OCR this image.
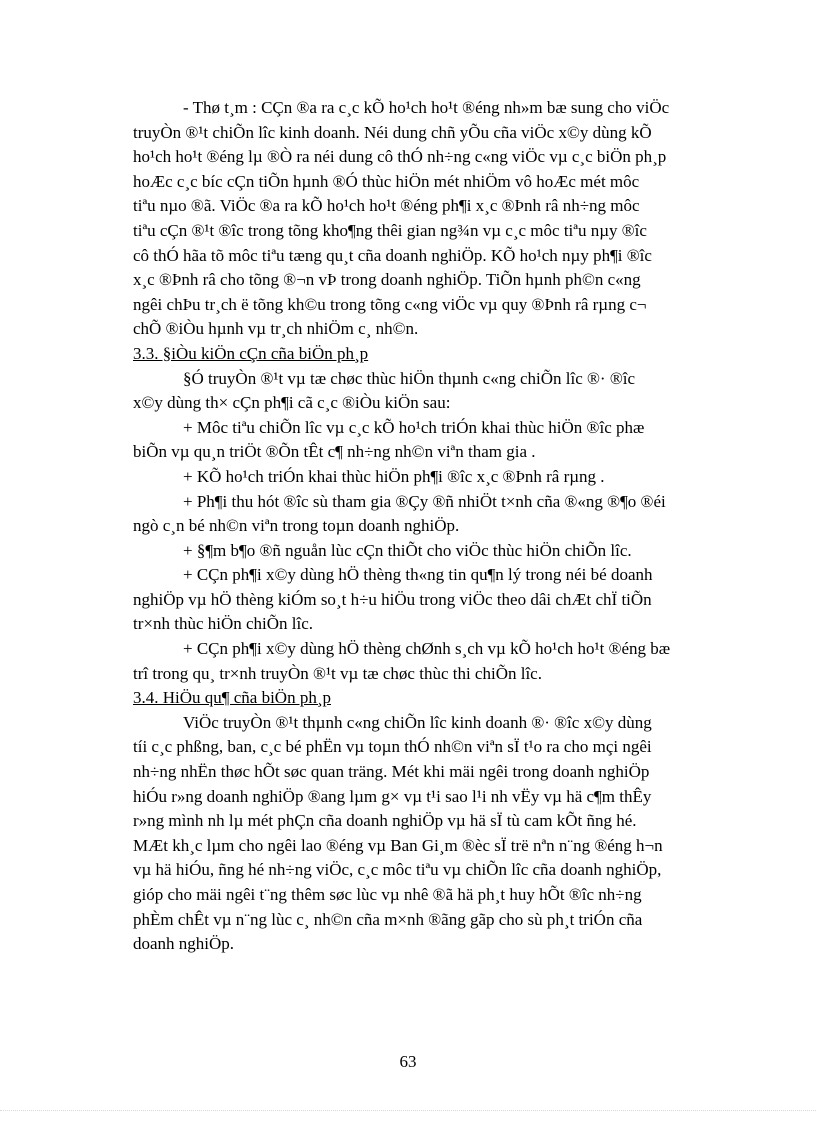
- Thø t¸m : CÇn ®a ra c¸c kÕ ho¹ch ho¹t ®éng nh»m bæ sung cho viÖc
truyÒn ®¹t chiÕn lîc kinh doanh. Néi dung chñ yÕu cña viÖc x©y dùng kÕ
ho¹ch ho¹t ®éng lµ ®Ò ra néi dung cô thÓ nh÷ng c«ng viÖc vµ c¸c biÖn ph¸p
hoÆc c¸c bíc cÇn tiÕn hµnh ®Ó thùc hiÖn mét nhiÖm vô hoÆc mét môc
tiªu nµo ®ã. ViÖc ®a ra kÕ ho¹ch ho¹t ®éng ph¶i x¸c ®Þnh râ nh÷ng môc
tiªu cÇn ®¹t ®îc trong tõng kho¶ng thêi gian ng¾n vµ c¸c môc tiªu nµy ®îc
cô thÓ hãa tõ môc tiªu tæng qu¸t cña doanh nghiÖp. KÕ ho¹ch nµy ph¶i ®îc
x¸c ®Þnh râ cho tõng ®¬n vÞ trong doanh nghiÖp. TiÕn hµnh ph©n c«ng
ngêi chÞu tr¸ch ë tõng kh©u trong tõng c«ng viÖc vµ quy ®Þnh râ rµng c¬
chÕ ®iÒu hµnh vµ tr¸ch nhiÖm c¸ nh©n.

3.3. §iÒu kiÖn cÇn cña biÖn ph¸p

§Ó truyÒn ®¹t vµ tæ chøc thùc hiÖn thµnh c«ng chiÕn lîc ®· ®îc
x©y dùng th× cÇn ph¶i cã c¸c ®iÒu kiÖn sau:

+ Môc tiªu chiÕn lîc vµ c¸c kÕ ho¹ch triÓn khai thùc hiÖn ®îc phæ
biÕn vµ qu¸n triÖt ®Õn tÊt c¶ nh÷ng nh©n viªn tham gia .

+ KÕ ho¹ch triÓn khai thùc hiÖn ph¶i ®îc x¸c ®Þnh râ rµng .

+ Ph¶i thu hót ®îc sù tham gia ®Çy ®ñ nhiÖt t×nh cña ®«ng ®¶o ®éi
ngò c¸n bé nh©n viªn trong toµn doanh nghiÖp.

+ §¶m b¶o ®ñ nguån lùc cÇn thiÕt cho viÖc thùc hiÖn chiÕn lîc.

+ CÇn ph¶i x©y dùng hÖ thèng th«ng tin qu¶n lý trong néi bé doanh
nghiÖp vµ hÖ thèng kiÓm so¸t h÷u hiÖu trong viÖc theo dâi chÆt chÏ tiÕn
tr×nh thùc hiÖn chiÕn lîc.

+ CÇn ph¶i x©y dùng hÖ thèng chØnh s¸ch vµ kÕ ho¹ch ho¹t ®éng bæ
trî trong qu¸ tr×nh truyÒn ®¹t vµ tæ chøc thùc thi chiÕn lîc.

3.4. HiÖu qu¶ cña biÖn ph¸p

ViÖc truyÒn ®¹t thµnh c«ng chiÕn lîc kinh doanh ®· ®îc x©y dùng
tíi c¸c phßng, ban, c¸c bé phËn vµ toµn thÓ nh©n viªn sÏ t¹o ra cho mçi ngêi
nh÷ng nhËn thøc hÕt søc quan träng. Mét khi mäi ngêi trong doanh nghiÖp
hiÓu r»ng doanh nghiÖp ®ang lµm g× vµ t¹i sao l¹i nh vËy vµ hä c¶m thÊy
r»ng mình nh lµ mét phÇn cña doanh nghiÖp vµ hä sÏ tù cam kÕt ñng hé.
MÆt kh¸c lµm cho ngêi lao ®éng vµ Ban Gi¸m ®èc sÏ trë nªn n¨ng ®éng h¬n
vµ hä hiÓu, ñng hé nh÷ng viÖc, c¸c môc tiªu vµ chiÕn lîc cña doanh nghiÖp,
gióp cho mäi ngêi t¨ng thêm søc lùc vµ nhê ®ã hä ph¸t huy hÕt ®îc nh÷ng
phÈm chÊt vµ n¨ng lùc c¸ nh©n cña m×nh ®ãng gãp cho sù ph¸t triÓn cña
doanh nghiÖp.

63
